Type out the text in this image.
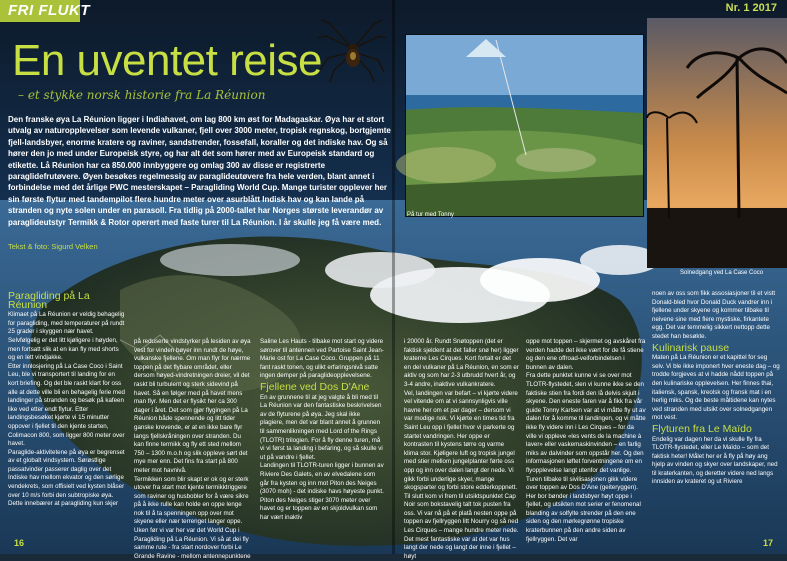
FRI FLUKT	Nr. 1 2017
En uventet reise
– et stykke norsk historie fra La Réunion

Den franske øya La Réunion ligger i Indiahavet, om lag 800 km øst for Madagaskar. Øya har et stort utvalg av naturopplevelser som levende vulkaner, fjell over 3000 meter, tropisk regnskog, bortgjemte fjell-landsbyer, enorme kratere og raviner, sandstrender, fossefall, koraller og det indiske hav. Og så hører den jo med under Europeisk styre, og har alt det som hører med av Europeisk standard og etikette. Lå Réunion har ca 850.000 innbyggere og omlag 300 av disse er registrerte paraglidefrutøvere. Øyen besøkes regelmessig av paraglideutøvere fra hele verden, blant annet i forbindelse med det årlige PWC mesterskapet – Paragliding World Cup. Mange turister opplever her sin første flytur med tandempilot flere hundre meter over asurblått Indisk hav og kan lande på stranden og nyte solen under en parasoll. Fra tidlig på 2000-tallet har Norges største leverandør av paraglideutstyr Termikk & Rotor operert med faste turer til La Réunion. I år skulle jeg få være med.

Tekst & foto: Sigurd Velken
På tur med Tonny
Solnedgang ved La Case Coco
Paragliding på La Réunion

Klimaet på La Réunion er veldig behagelig for paragliding, med temperaturer på rundt 25 grader i skyggen nær havet. Selvfølgelig er det litt kjøligere i høyden, men fortsatt slik at en kan fly med shorts og en lett vindjakke.

Etter innlosjering på La Case Coco i Saint Leu, ble vi transportert til landing for en kort briefing. Og det ble raskt klart for oss alle at dette ville bli en behagelig ferie med landinger på stranden og besøk på kafeen like ved etter endt flytur. Etter landingsbesøket kjørte vi 15 minutter oppover i fjellet til den kjente starten, Colimacon 800, som ligger 800 meter over havet.

Paraglide-aktivitetene på øya er begrenset av et globalt vindsystem. Sørøstlige passatvinder passerer daglig over det Indiske hav mellom ekvator og den sørlige vendekrets, som offisielt ved kysten blåser over 10 m/s forbi den subtropiske øya. Dette innebærer at paragliding kun skjer

på reduserte vindstyrker på lesiden av øya vest for vinden bøyer inn rundt de høye, vulkanske fjellene. Om man flyr for nærme toppen på det flybare området, eller dersom høyed-vindretningen dreier, vil det raskt bli turbulent og sterk sidevind på havet. Så en følger med på havet mens man flyr. Men det er flysikt her ca 300 dager i året. Det som gjør flygingen på La Réunion både spennende og litt tider ganske krevende, er at en ikke bare flyr langs fjellskråningen over stranden. Du kan finne termikk og fly ett sted mellom 750 – 1300 m.o.h og slik oppleve sørt det mye mer enn. Det fins fra start på 800 meter mot havnivå.

Termikken som blir skapt er ok og er sterk utover fra start mot kjente termikktriggere som raviner og husbobler for å være sikre på å ikke rulle kan holde en oppe lenge nok til å ta spenningen opp over mot skyene eller nær terrenget langer oppe.

Uken før vi var her var det World Cup i Paragliding på La Réunion. Vi så at dei fly samme rute - fra start nordover forbi Le Grande Ravine - mellom antennepunktene

Saline Les Hauts - tilbake mot start og videre sørover til antennen ved Partoise Saint Jean-Marie ost for La Case Coco. Gruppen på 11 fant raskt tonen, og ulikt erfaringsnivå satte ingen demper på paraglideopplevelsene.

Fjellene ved Dos D'Ane

En av grunnene til at jeg valgte å bli med til La Réunion var den fantastiske beskrivelsen av de flyturene på øya. Jeg skal ikke plagiere, men det var blant annet å grunnen til sammenlikningen med Lord of the Rings (TLOTR) trilogien. For å fly denne turen, må vi vi først ta landing i befaring, og så skulle vi ut på vandre i fjellet.

Landingen til TLOTR-turen ligger i bunnen av Riviere Des Galets, en av elvedalene som går fra kysten og inn mot Piton des Neiges (3070 moh) - det indiske havs høyeste punkt. Piton des Neiges stiger 3070 meter over havet og er toppen av en skjoldvulkan som har vært inaktiv

i 20000 år. Rundt Snøtoppen (det er faktisk sjeldent at det faller snø her) ligger kraterne Les Cirques. Kort fortalt er det en del vulkaner på La Réunion, en som er aktiv og som har 2-3 utbrudd hvert år, og 3-4 andre, inaktive vulkankratere.

Vel, landingen var befart – vi kjørte videre vel vitende om at vi sannsynligvis ville havne her om et par dager – dersom vi var modige nok. Vi kjørte en times tid fra Saint Leu opp i fjellet hvor vi parkerte og startet vandringen. Her oppe er kontrasten til kystens tørre og varme klima stor. Kjøligere luft og tropisk jungel med stier mellom jungelplanter førte oss opp og inn over dalen langt der nede. Vi gikk forbi underlige skyer, mange skogsparter og forbi store edderkoppnett. Til slutt kom vi frem til utsiktspunktet Cap Noir som bokstavelig talt tok pusten fra oss. Vi var nå på et platå nesten oppe på toppen av fjellryggen litt Nourry og så ned Les Cirques – mange hundre meter nede. Det mest fantastiske var at det var hus langt der nede og langt der inne i fjellet – høyt

oppe mot toppen – skjermet og avskåret fra verden hadde det ikke vært for de få stiene og den ene offroad-veiforbindelsen i bunnen av dalen.

Fra dette punktet kunne vi se over mot TLOTR-flystedet, slen vi kunne ikke se den faktiske stien fra fordi den lå delvis skjult i skyene. Den eneste faren var å fikk fra vår guide Tonny Karlsen var at vi måtte fly ut av dalen for å komme til landingen, og vi måtte ikke fly videre inn i Les Cirques – for da ville vi oppleve «les vents de la machine à laver» eller vaskemaskinvinden – en farlig miks av dalvinder som oppstår her. Og den informasjonen løftet forventningene om en flyopplevelse langt utenfor det vanlige.

Turen tilbake til sivilisasjonen gikk videre over toppen av Dos D'Ane (geiteryggen). Her bor bønder i landsbyer høyt oppe i fjellet, og utsikten mot serier er fenomenal blanding av solfylte strender på den ene siden og den mørkegrønne tropiske kraterbunnen på den andre siden av fjellryggen. Det var

noen av oss som fikk assosiasjoner til et vistt Donald-bled hvor Donald Duck vandrer inn i fjellene under skyene og kommer tilbake til neivene sine med flere mystiske, firkantete egg. Det var temmelig sikkert nettopp dette stedet han besøkte.

Kulinarisk pause

Maten på La Réunion er et kapittel for seg selv. Vi ble ikke imponert hver eneste dag – og trodde forgjeves at vi hadde nådd toppen på den kulinariske opplevelsen. Her finnes thai, italiensk, spansk, kreolsk og fransk mat i en herlig miks. Og de beste måltidene kan nytes ved stranden med utsikt over solnedgangen mot vest.

Flyturen fra Le Maïdo

Endelig var dagen her da vi skulle fly fra TLOTR-flystedet, eller Le Maïdo – som det faktisk heter! Målet her er å fly på høy ang hjelp av vinden og skyer over landskaper, ned til kraterkanten, og deretter videre ned langs innsiden av krateret og ut Riviere

16	17
